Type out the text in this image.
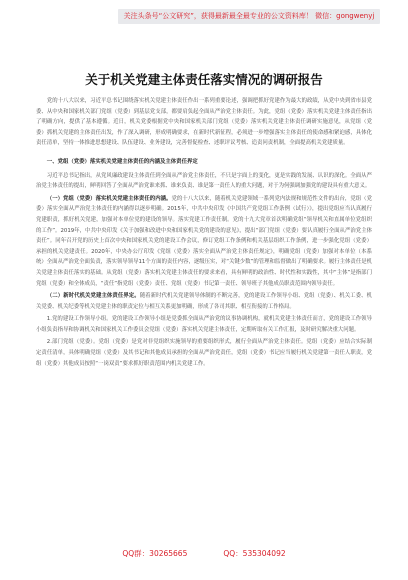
关注头条号“公文研究”，获得最新最全最专业的公文资料库！ 微信：gongwenyj
关于机关党建主体责任落实情况的调研报告

党的十八大以来，习近平总书记围绕落实机关党建主体责任作出一系列重要论述，强调把抓好党建作为最大的政绩，从党中央到省市县党委、从中央和国家机关部门党组（党委）到基层党支部，都要肩负起全面从严治党主体责任。为此，党组（党委）落实机关党建主体责任指出了明确方向，提供了基本遵循。近日，机关党委根据党中央和国家机关部门党组（党委）落实机关党建主体责任调研实施意见，从党组（党委）抓机关党建的主体责任出发，作了深入调研，形成明确要求，在新时代新征程，必须进一步增强落实主体责任的使命感和紧迫感，具体化责任清单，坚持一体推进思想建设、队伍建设、业务建设，完善督促检查、述职评议考核、追责问责机制，全面提高机关党建质量。

一、党组（党委）落实机关党建主体责任的内涵及主体责任界定

习近平总书记指出，从党风廉政建设主体责任到全面从严治党主体责任，不只是字面上的变化，更是实践的发展、认识的深化。全面从严治党主体责任的提出，鲜明回答了全面从严治党谁来抓、谁来负责、谁是第一责任人的重大问题，对于为何强调加强党的建设具有重大意义。

（一）党组（党委）落实机关党建主体责任的内涵。党的十八大以来，随着机关党建领域一系列党内法规和规范性文件的出台，党组（党委）落实全面从严治党主体责任的内涵得以逐步明确。2015年，中共中央印发《中国共产党党组工作条例（试行）》，提出党组应当认真履行党建职责，抓好机关党建，加强对本单位党的建设的领导。落实党建工作责任制。党的十九大党章首次明确党组“领导机关和直属单位党组织的工作”。2019年，中共中央印发《关于加强和改进中央和国家机关党的建设的意见》，提出“部门党组（党委）要认真履行全面从严治党主体责任”。同年召开党的历史上首次中央和国家机关党的建设工作会议，修订党组工作条例和机关基层组织工作条例，进一步强化党组（党委）承担的机关党建责任。2020年，中央办公厅印发《党组（党委）落实全面从严治党主体责任规定》，明确党组（党委）加强对本单位（本系统）全面从严治党全面负责，落实领导领导11个方面的责任内容，逐级压实，对“关键少数”的管理和监督做出了明确要求。履行主体责任是机关党建主体责任落实的基础。从党组（党委）落实机关党建主体责任的要求来看，具有鲜明的政治性、时代性和实践性，其中“主体”是指部门党组（党委）和全体成员，“责任”指党组（党委）责任、党组（党委）书记第一责任、领导班子其他成员职责范围内领导责任。

（二）新时代机关党建主体责任界定。随着新时代机关党建领导体制的不断完善，党的建设工作领导小组、党组（党委）、机关工委、机关党委、机关纪委等机关党建主体的职责定位与相互关系更加明确，形成了各司其职、相互衔接的工作格局。

1.党的建设工作领导小组。党的建设工作领导小组是党委抓全面从严治党的议事协调机构，就机关党建主体责任而言，党的建设工作领导小组负责指导和协调机关和国家机关工作委员会党组（党委）落实机关党建主体责任，定期听取有关工作汇报，及时研究解决重大问题。

2.部门党组（党委）。党组（党委）是党对非党组织实施领导的重要组织形式，履行全面从严治党主体责任。党组（党委）应结合实际制定责任清单，具体明确党组（党委）及其书记和其他成员承担的全面从严治党责任，党组（党委）书记应当履行机关党建第一责任人职责，党组（党委）其他成员按照“一岗双责”要求抓好职责范围内机关党建工作。

QQ群：30265665	QQ：535304092
